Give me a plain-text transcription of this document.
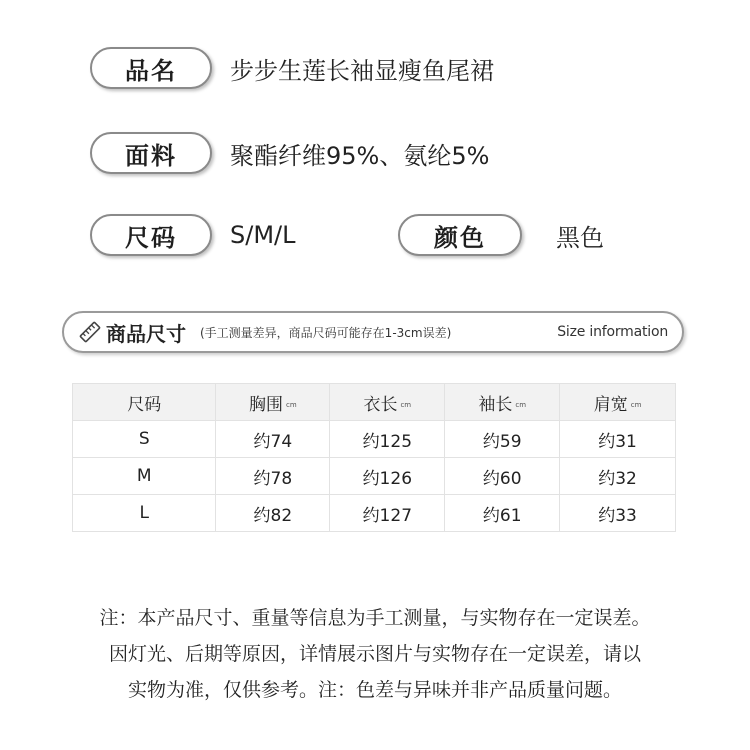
品名	步步生莲长袖显瘦鱼尾裙
面料	聚酯纤维95%、氨纶5%
尺码	S/M/L	颜色	黑色
商品尺寸 (手工测量差异，商品尺码可能存在1-3cm误差)	Size information
尺码	胸围 cm	衣长 cm	袖长 cm	肩宽 cm
S	约74	约125	约59	约31
M	约78	约126	约60	约32
L	约82	约127	约61	约33
注：本产品尺寸、重量等信息为手工测量，与实物存在一定误差。
因灯光、后期等原因，详情展示图片与实物存在一定误差，请以
实物为准，仅供参考。注：色差与异味并非产品质量问题。
